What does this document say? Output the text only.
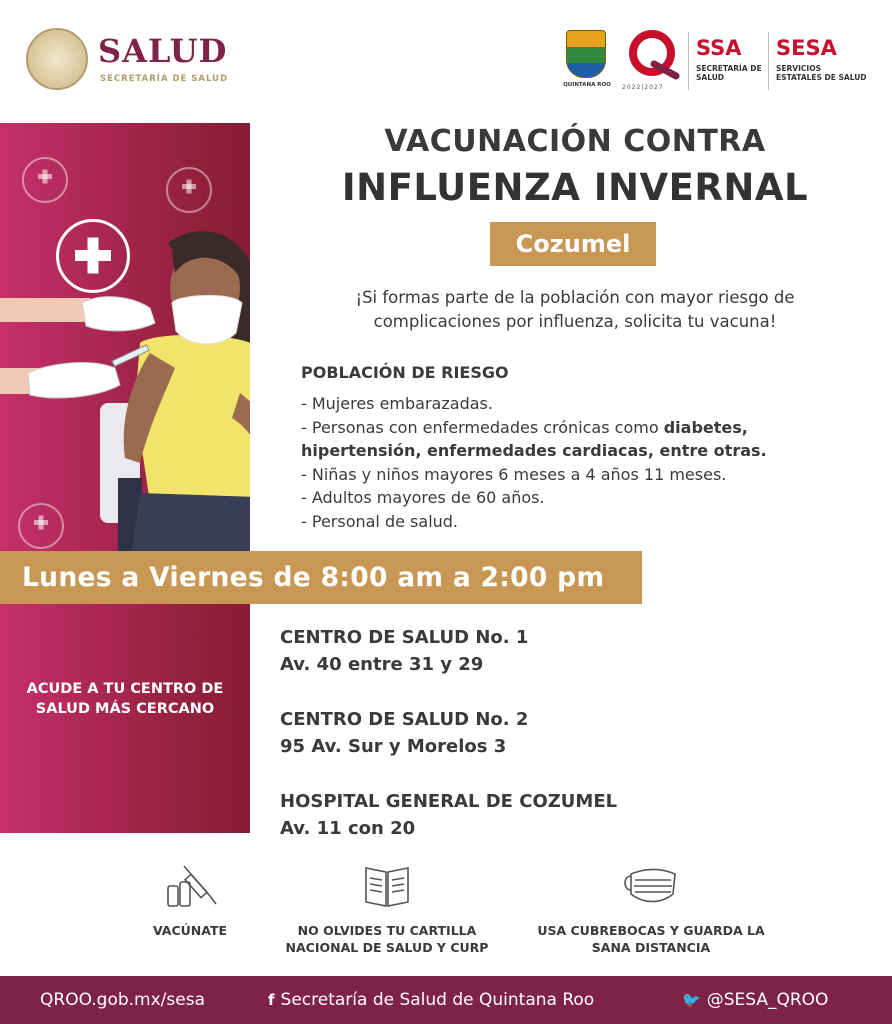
SALUD
SECRETARÍA DE SALUD
QUINTANA ROO	2022|2027
SSA
SECRETARÍA DE SALUD
SESA
SERVICIOS ESTATALES DE SALUD
ACUDE A TU CENTRO DE SALUD MÁS CERCANO
VACUNACIÓN CONTRA
INFLUENZA INVERNAL
Cozumel
¡Si formas parte de la población con mayor riesgo de complicaciones por influenza, solicita tu vacuna!
POBLACIÓN DE RIESGO
- Mujeres embarazadas.
- Personas con enfermedades crónicas como diabetes, hipertensión, enfermedades cardiacas, entre otras.
- Niñas y niños mayores 6 meses a 4 años 11 meses.
- Adultos mayores de 60 años.
- Personal de salud.
Lunes a Viernes de 8:00 am a 2:00 pm
CENTRO DE SALUD No. 1
Av. 40 entre 31 y 29
CENTRO DE SALUD No. 2
95 Av. Sur y Morelos 3
HOSPITAL GENERAL DE COZUMEL
Av. 11 con 20
VACÚNATE	NO OLVIDES TU CARTILLA NACIONAL DE SALUD Y CURP
USA CUBREBOCAS Y GUARDA LA SANA DISTANCIA
QROO.gob.mx/sesa	f Secretaría de Salud de Quintana Roo	🐦 @SESA_QROO
